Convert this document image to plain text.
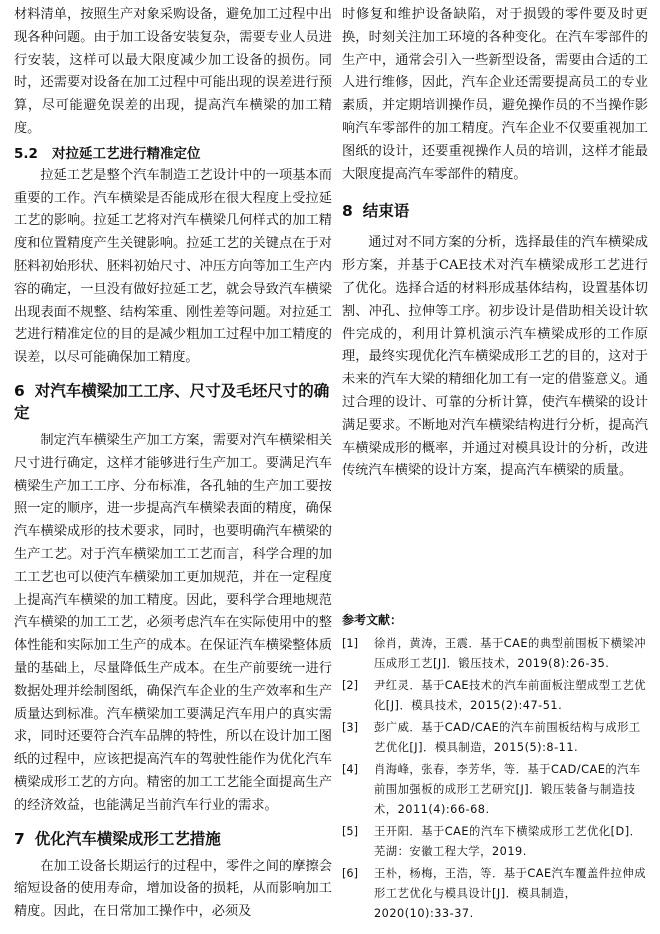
材料清单，按照生产对象采购设备，避免加工过程中出现各种问题。由于加工设备安装复杂，需要专业人员进行安装，这样可以最大限度减少加工设备的损伤。同时，还需要对设备在加工过程中可能出现的误差进行预算，尽可能避免误差的出现，提高汽车横梁的加工精度。

5.2 对拉延工艺进行精准定位

拉延工艺是整个汽车制造工艺设计中的一项基本而重要的工作。汽车横梁是否能成形在很大程度上受拉延工艺的影响。拉延工艺将对汽车横梁几何样式的加工精度和位置精度产生关键影响。拉延工艺的关键点在于对胚料初始形状、胚料初始尺寸、冲压方向等加工生产内容的确定，一旦没有做好拉延工艺，就会导致汽车横梁出现表面不规整、结构笨重、刚性差等问题。对拉延工艺进行精准定位的目的是减少粗加工过程中加工精度的误差，以尽可能确保加工精度。

6 对汽车横梁加工工序、尺寸及毛坯尺寸的确定

制定汽车横梁生产加工方案，需要对汽车横梁相关尺寸进行确定，这样才能够进行生产加工。要满足汽车横梁生产加工工序、分布标准，各孔轴的生产加工要按照一定的顺序，进一步提高汽车横梁表面的精度，确保汽车横梁成形的技术要求，同时，也要明确汽车横梁的生产工艺。对于汽车横梁加工工艺而言，科学合理的加工工艺也可以使汽车横梁加工更加规范，并在一定程度上提高汽车横梁的加工精度。因此，要科学合理地规范汽车横梁的加工工艺，必须考虑汽车在实际使用中的整体性能和实际加工生产的成本。在保证汽车横梁整体质量的基础上，尽量降低生产成本。在生产前要统一进行数据处理并绘制图纸，确保汽车企业的生产效率和生产质量达到标准。汽车横梁加工要满足汽车用户的真实需求，同时还要符合汽车品牌的特性，所以在设计加工图纸的过程中，应该把提高汽车的驾驶性能作为优化汽车横梁成形工艺的方向。精密的加工工艺能全面提高生产的经济效益，也能满足当前汽车行业的需求。

7 优化汽车横梁成形工艺措施

在加工设备长期运行的过程中，零件之间的摩擦会缩短设备的使用寿命，增加设备的损耗，从而影响加工精度。因此，在日常加工操作中，必须及

时修复和维护设备缺陷，对于损毁的零件要及时更换，时刻关注加工环境的各种变化。在汽车零部件的生产中，通常会引入一些新型设备，需要由合适的工人进行维修，因此，汽车企业还需要提高员工的专业素质，并定期培训操作员，避免操作员的不当操作影响汽车零部件的加工精度。汽车企业不仅要重视加工图纸的设计，还要重视操作人员的培训，这样才能最大限度提高汽车零部件的精度。

8 结束语

通过对不同方案的分析，选择最佳的汽车横梁成形方案，并基于CAE技术对汽车横梁成形工艺进行了优化。选择合适的材料形成基体结构，设置基体切割、冲孔、拉伸等工序。初步设计是借助相关设计软件完成的，利用计算机演示汽车横梁成形的工作原理，最终实现优化汽车横梁成形工艺的目的，这对于未来的汽车大梁的精细化加工有一定的借鉴意义。通过合理的设计、可靠的分析计算，使汽车横梁的设计满足要求。不断地对汽车横梁结构进行分析，提高汽车横梁成形的概率，并通过对模具设计的分析，改进传统汽车横梁的设计方案，提高汽车横梁的质量。

参考文献：
[1]	徐肖，黄涛，王震．基于CAE的典型前围板下横梁冲压成形工艺[J]．锻压技术，2019(8):26-35.
[2]	尹红灵．基于CAE技术的汽车前面板注塑成型工艺优化[J]．模具技术，2015(2):47-51.
[3]	彭广威．基于CAD/CAE的汽车前围板结构与成形工艺优化[J]．模具制造，2015(5):8-11.
[4]	肖海峰，张春，李芳华，等．基于CAD/CAE的汽车前围加强板的成形工艺研究[J]．锻压装备与制造技术，2011(4):66-68.
[5]	王开阳．基于CAE的汽车下横梁成形工艺优化[D]．芜湖：安徽工程大学，2019.
[6]	王朴，杨梅，王浩，等．基于CAE汽车覆盖件拉伸成形工艺优化与模具设计[J]．模具制造，2020(10):33-37.
